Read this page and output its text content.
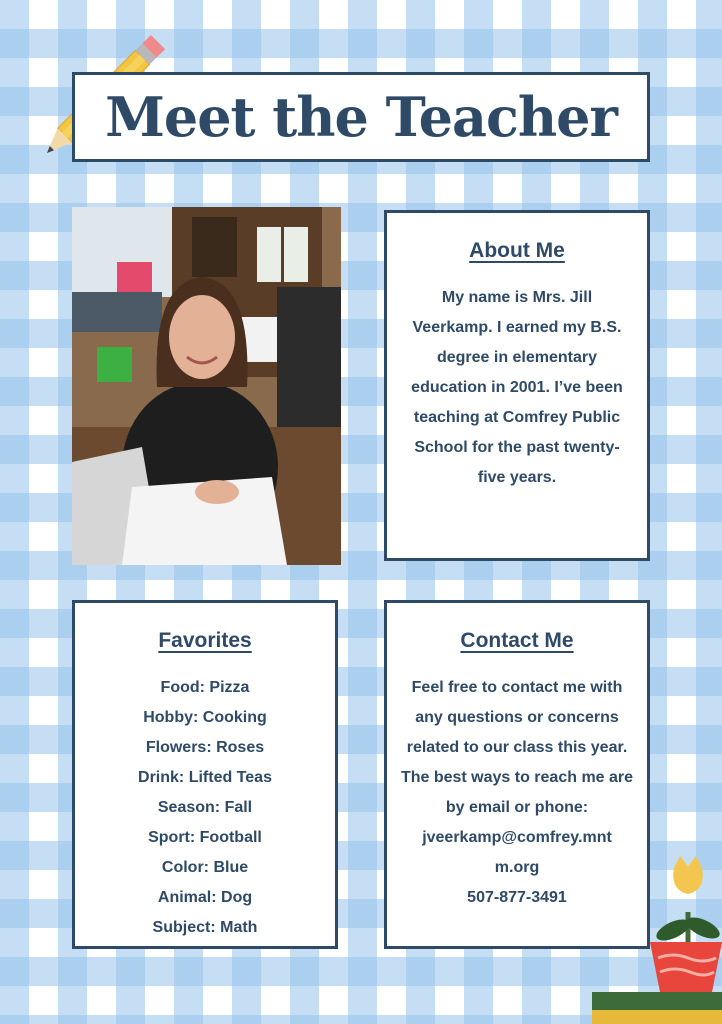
Meet the Teacher
About Me
My name is Mrs. Jill Veerkamp. I earned my B.S. degree in elementary education in 2001. I’ve been teaching at Comfrey Public School for the past twenty-five years.
Favorites
Food: Pizza
Hobby: Cooking
Flowers: Roses
Drink: Lifted Teas
Season: Fall
Sport: Football
Color: Blue
Animal: Dog
Subject: Math
Contact Me
Feel free to contact me with any questions or concerns related to our class this year. The best ways to reach me are by email or phone:
jveerkamp@comfrey.mntm.org
507-877-3491
